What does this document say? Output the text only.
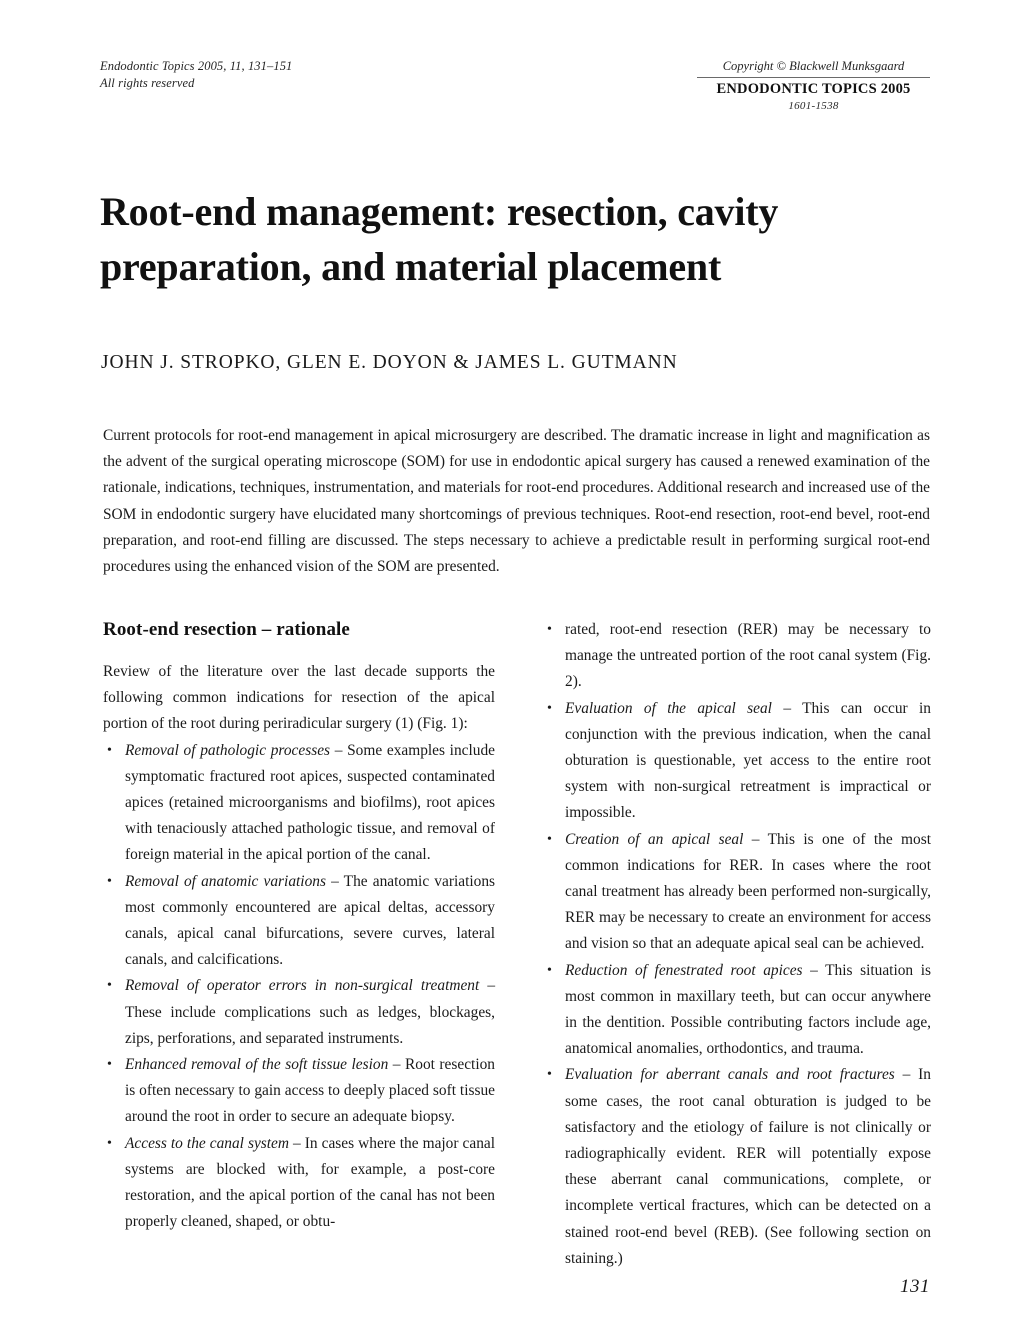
Endodontic Topics 2005, 11, 131–151
All rights reserved
Copyright © Blackwell Munksgaard
ENDODONTIC TOPICS 2005
1601-1538
Root-end management: resection, cavity preparation, and material placement
JOHN J. STROPKO, GLEN E. DOYON & JAMES L. GUTMANN
Current protocols for root-end management in apical microsurgery are described. The dramatic increase in light and magnification as the advent of the surgical operating microscope (SOM) for use in endodontic apical surgery has caused a renewed examination of the rationale, indications, techniques, instrumentation, and materials for root-end procedures. Additional research and increased use of the SOM in endodontic surgery have elucidated many shortcomings of previous techniques. Root-end resection, root-end bevel, root-end preparation, and root-end filling are discussed. The steps necessary to achieve a predictable result in performing surgical root-end procedures using the enhanced vision of the SOM are presented.
Root-end resection – rationale

Review of the literature over the last decade supports the following common indications for resection of the apical portion of the root during periradicular surgery (1) (Fig. 1):

• Removal of pathologic processes – Some examples include symptomatic fractured root apices, suspected contaminated apices (retained microorganisms and biofilms), root apices with tenaciously attached pathologic tissue, and removal of foreign material in the apical portion of the canal.
• Removal of anatomic variations – The anatomic variations most commonly encountered are apical deltas, accessory canals, apical canal bifurcations, severe curves, lateral canals, and calcifications.
• Removal of operator errors in non-surgical treatment – These include complications such as ledges, blockages, zips, perforations, and separated instruments.
• Enhanced removal of the soft tissue lesion – Root resection is often necessary to gain access to deeply placed soft tissue around the root in order to secure an adequate biopsy.
• Access to the canal system – In cases where the major canal systems are blocked with, for example, a post-core restoration, and the apical portion of the canal has not been properly cleaned, shaped, or obtu-
• rated, root-end resection (RER) may be necessary to manage the untreated portion of the root canal system (Fig. 2).
• Evaluation of the apical seal – This can occur in conjunction with the previous indication, when the canal obturation is questionable, yet access to the entire root system with non-surgical retreatment is impractical or impossible.
• Creation of an apical seal – This is one of the most common indications for RER. In cases where the root canal treatment has already been performed non-surgically, RER may be necessary to create an environment for access and vision so that an adequate apical seal can be achieved.
• Reduction of fenestrated root apices – This situation is most common in maxillary teeth, but can occur anywhere in the dentition. Possible contributing factors include age, anatomical anomalies, orthodontics, and trauma.
• Evaluation for aberrant canals and root fractures – In some cases, the root canal obturation is judged to be satisfactory and the etiology of failure is not clinically or radiographically evident. RER will potentially expose these aberrant canal communications, complete, or incomplete vertical fractures, which can be detected on a stained root-end bevel (REB). (See following section on staining.)
131
